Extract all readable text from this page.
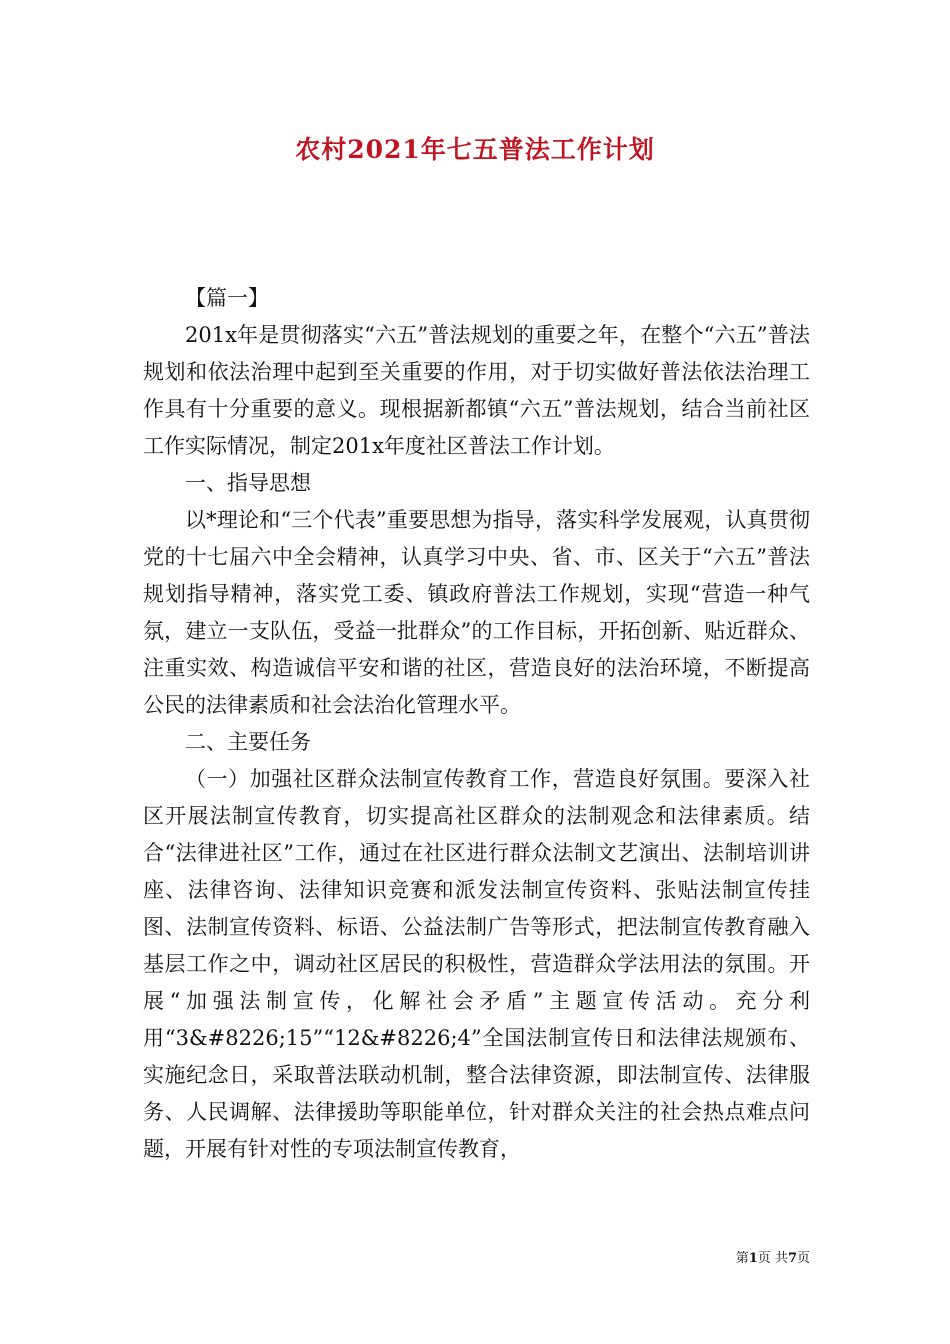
农村2021年七五普法工作计划

【篇一】

201x年是贯彻落实“六五”普法规划的重要之年，在整个“六五”普法规划和依法治理中起到至关重要的作用，对于切实做好普法依法治理工作具有十分重要的意义。现根据新都镇“六五”普法规划，结合当前社区工作实际情况，制定201x年度社区普法工作计划。

一、指导思想

以*理论和“三个代表”重要思想为指导，落实科学发展观，认真贯彻党的十七届六中全会精神，认真学习中央、省、市、区关于“六五”普法规划指导精神，落实党工委、镇政府普法工作规划，实现“营造一种气氛，建立一支队伍，受益一批群众”的工作目标，开拓创新、贴近群众、注重实效、构造诚信平安和谐的社区，营造良好的法治环境，不断提高公民的法律素质和社会法治化管理水平。

二、主要任务

（一）加强社区群众法制宣传教育工作，营造良好氛围。要深入社区开展法制宣传教育，切实提高社区群众的法制观念和法律素质。结合“法律进社区”工作，通过在社区进行群众法制文艺演出、法制培训讲座、法律咨询、法律知识竞赛和派发法制宣传资料、张贴法制宣传挂图、法制宣传资料、标语、公益法制广告等形式，把法制宣传教育融入基层工作之中，调动社区居民的积极性，营造群众学法用法的氛围。开展“加强法制宣传，化解社会矛盾”主题宣传活动。充分利用“3&#8226;15”“12&#8226;4”全国法制宣传日和法律法规颁布、实施纪念日，采取普法联动机制，整合法律资源，即法制宣传、法律服务、人民调解、法律援助等职能单位，针对群众关注的社会热点难点问题，开展有针对性的专项法制宣传教育，

第1页 共7页
